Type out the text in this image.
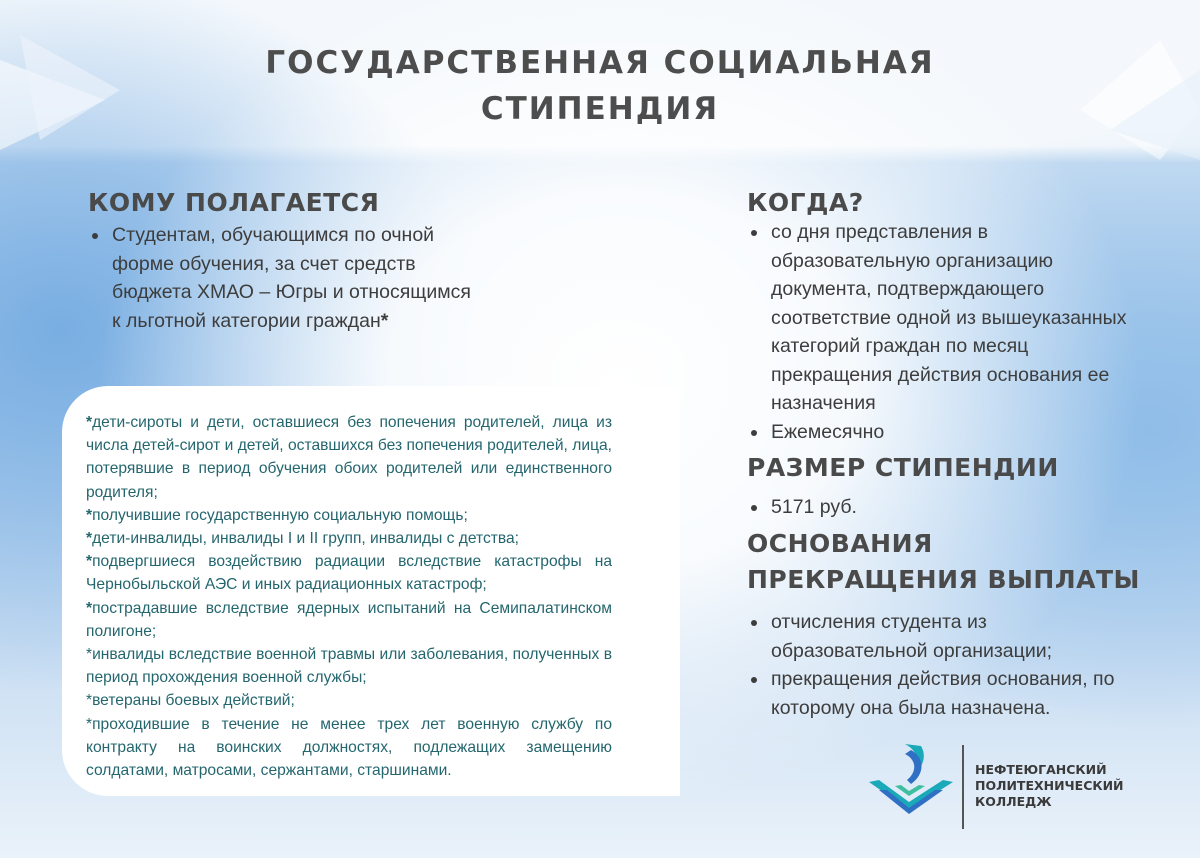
ГОСУДАРСТВЕННАЯ СОЦИАЛЬНАЯ
СТИПЕНДИЯ
КОМУ ПОЛАГАЕТСЯ
Студентам, обучающимся по очной форме обучения, за счет средств бюджета ХМАО – Югры и относящимся к льготной категории граждан*

*дети-сироты и дети, оставшиеся без попечения родителей, лица из числа детей-сирот и детей, оставшихся без попечения родителей, лица, потерявшие в период обучения обоих родителей или единственного родителя;

*получившие государственную социальную помощь;

*дети-инвалиды, инвалиды I и II групп, инвалиды с детства;

*подвергшиеся воздействию радиации вследствие катастрофы на Чернобыльской АЭС и иных радиационных катастроф;

*пострадавшие вследствие ядерных испытаний на Семипалатинском полигоне;

*инвалиды вследствие военной травмы или заболевания, полученных в период прохождения военной службы;

*ветераны боевых действий;

*проходившие в течение не менее трех лет военную службу по контракту на воинских должностях, подлежащих замещению солдатами, матросами, сержантами, старшинами.

КОГДА?
со дня представления в образовательную организацию документа, подтверждающего соответствие одной из вышеуказанных категорий граждан по месяц прекращения действия основания ее назначения
Ежемесячно
РАЗМЕР СТИПЕНДИИ
5171 руб.
ОСНОВАНИЯ
ПРЕКРАЩЕНИЯ ВЫПЛАТЫ
отчисления студента из образовательной организации;
прекращения действия основания, по которому она была назначена.
НЕФТЕЮГАНСКИЙ
ПОЛИТЕХНИЧЕСКИЙ
КОЛЛЕДЖ
